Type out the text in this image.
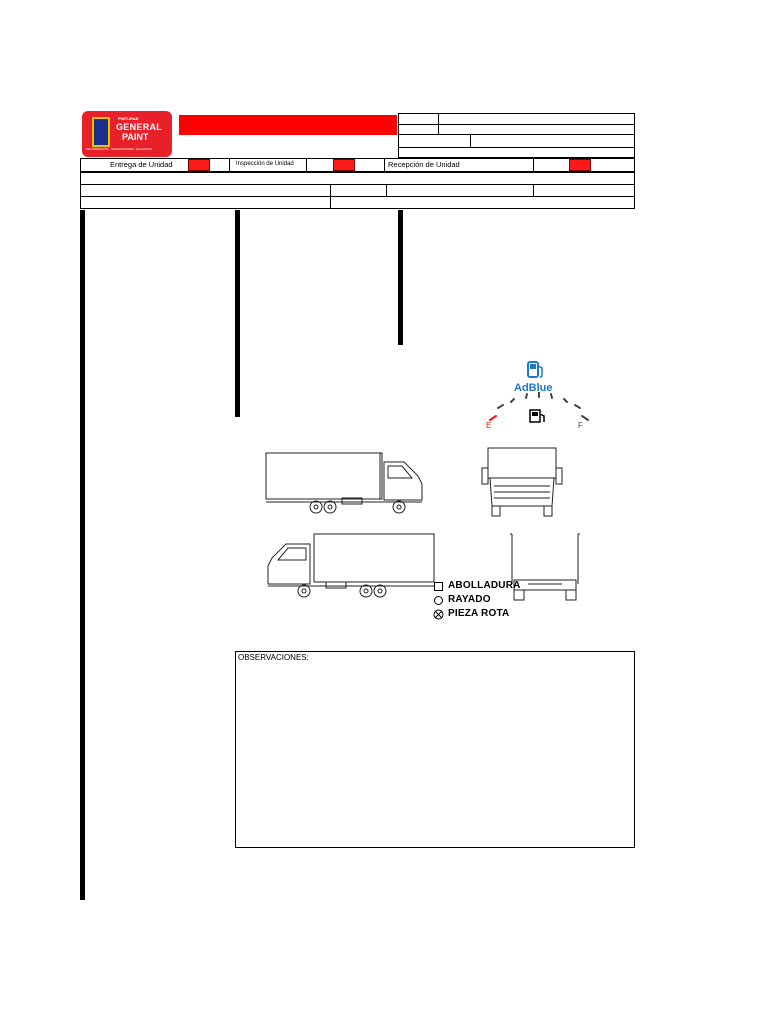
PINTURAS
GENERAL
PAINT
RECUBRIMIENTOS · ORGANIZACIONES · SOLUCIONES
Entrega de Unidad	Inspección de Unidad	Recepción de Unidad

AdBlue
E	F
ABOLLADURA
RAYADO
PIEZA ROTA
OBSERVACIONES:
